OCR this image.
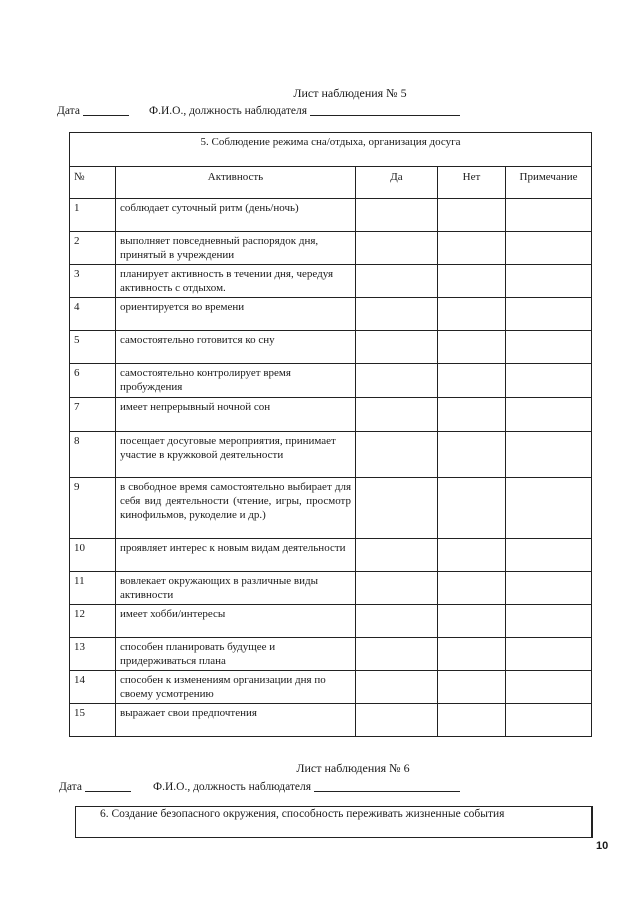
Лист наблюдения № 5
Дата	Ф.И.О., должность наблюдателя
5. Соблюдение режима сна/отдыха, организация досуга				
№	Активность	Да	Нет	Примечание
1	соблюдает суточный ритм (день/ночь)			
2	выполняет повседневный распорядок дня, принятый в учреждении			
3	планирует активность в течении дня, чередуя активность с отдыхом.			
4	ориентируется во времени			
5	самостоятельно готовится ко сну			
6	самостоятельно контролирует время пробуждения			
7	имеет непрерывный ночной сон			
8	посещает досуговые мероприятия, принимает участие в кружковой деятельности			
9	в свободное время самостоятельно выбирает для себя вид деятельности (чтение, игры, просмотр кинофильмов, рукоделие и др.)			
10	проявляет интерес к новым видам деятельности			
11	вовлекает окружающих в различные виды активности			
12	имеет хобби/интересы			
13	способен планировать будущее и придерживаться плана			
14	способен к изменениям организации дня по своему усмотрению			
15	выражает свои предпочтения			
Лист наблюдения № 6
Дата	Ф.И.О., должность наблюдателя
6. Создание безопасного окружения, способность переживать жизненные события
10
